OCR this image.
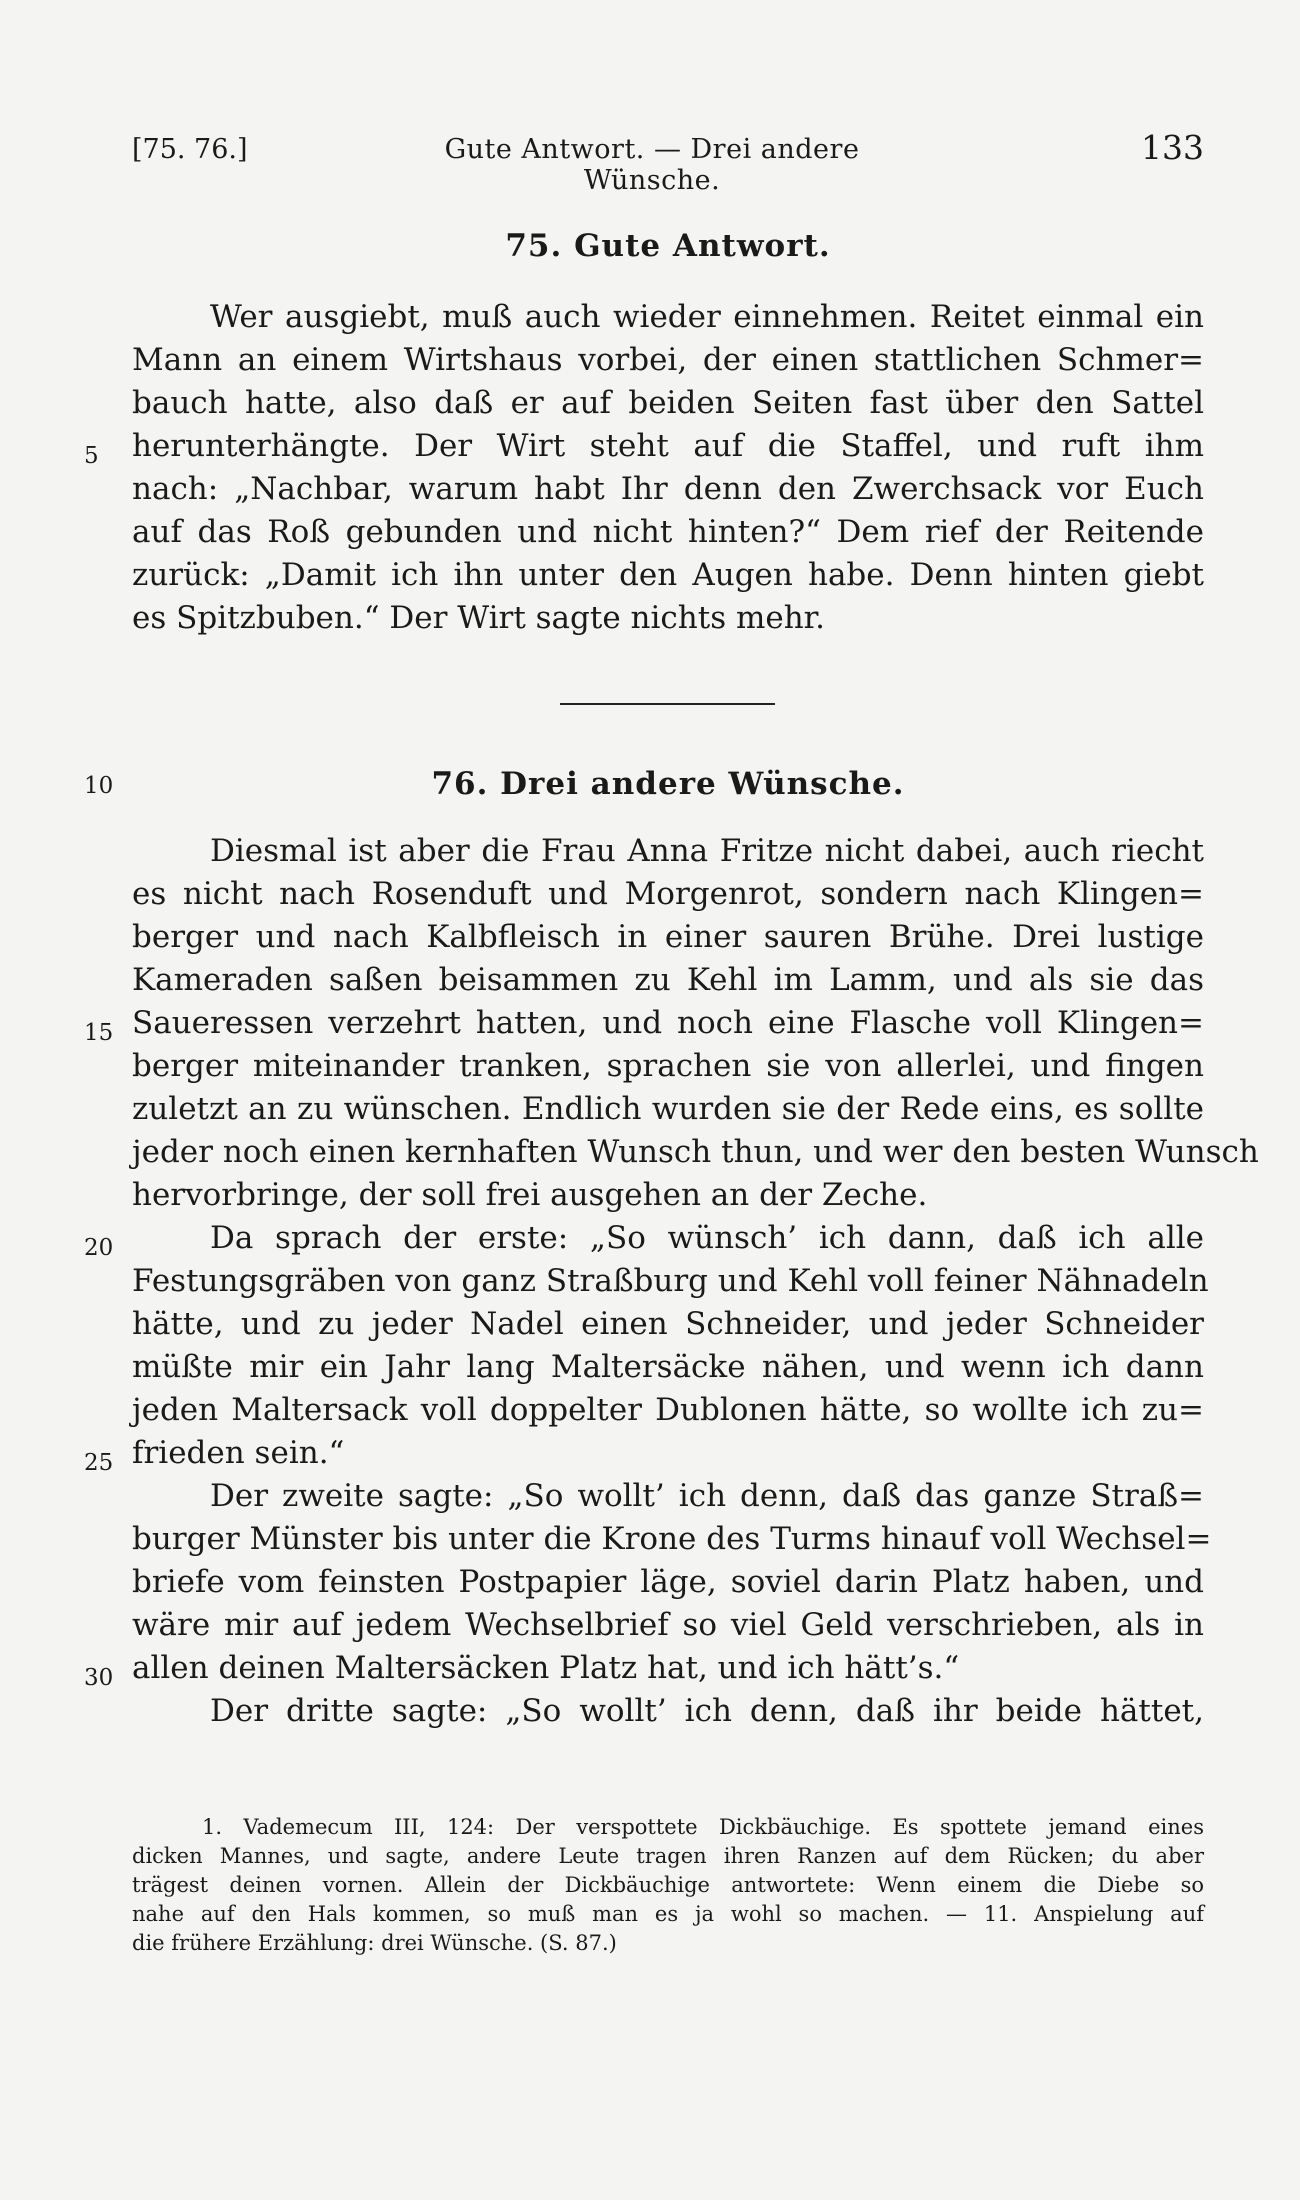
[75. 76.]	Gute Antwort. — Drei andere Wünsche.
133
75. Gute Antwort.
Wer ausgiebt, muß auch wieder einnehmen. Reitet einmal ein
Mann an einem Wirtshaus vorbei, der einen stattlichen Schmer=
bauch hatte, also daß er auf beiden Seiten fast über den Sattel
herunterhängte. Der Wirt steht auf die Staffel, und ruft ihm
nach: „Nachbar, warum habt Ihr denn den Zwerchsack vor Euch
auf das Roß gebunden und nicht hinten?“ Dem rief der Reitende
zurück: „Damit ich ihn unter den Augen habe. Denn hinten giebt
es Spitzbuben.“ Der Wirt sagte nichts mehr.
76. Drei andere Wünsche.
Diesmal ist aber die Frau Anna Fritze nicht dabei, auch riecht
es nicht nach Rosenduft und Morgenrot, sondern nach Klingen=
berger und nach Kalbfleisch in einer sauren Brühe. Drei lustige
Kameraden saßen beisammen zu Kehl im Lamm, und als sie das
Saueressen verzehrt hatten, und noch eine Flasche voll Klingen=
berger miteinander tranken, sprachen sie von allerlei, und fingen
zuletzt an zu wünschen. Endlich wurden sie der Rede eins, es sollte
jeder noch einen kernhaften Wunsch thun, und wer den besten Wunsch
hervorbringe, der soll frei ausgehen an der Zeche.
Da sprach der erste: „So wünsch’ ich dann, daß ich alle
Festungsgräben von ganz Straßburg und Kehl voll feiner Nähnadeln
hätte, und zu jeder Nadel einen Schneider, und jeder Schneider
müßte mir ein Jahr lang Maltersäcke nähen, und wenn ich dann
jeden Maltersack voll doppelter Dublonen hätte, so wollte ich zu=
frieden sein.“
Der zweite sagte: „So wollt’ ich denn, daß das ganze Straß=
burger Münster bis unter die Krone des Turms hinauf voll Wechsel=
briefe vom feinsten Postpapier läge, soviel darin Platz haben, und
wäre mir auf jedem Wechselbrief so viel Geld verschrieben, als in
allen deinen Maltersäcken Platz hat, und ich hätt’s.“
Der dritte sagte: „So wollt’ ich denn, daß ihr beide hättet,
5
10
15
20
25
30
1. Vademecum III, 124: Der verspottete Dickbäuchige. Es spottete jemand eines
dicken Mannes, und sagte, andere Leute tragen ihren Ranzen auf dem Rücken; du aber
trägest deinen vornen. Allein der Dickbäuchige antwortete: Wenn einem die Diebe so
nahe auf den Hals kommen, so muß man es ja wohl so machen. — 11. Anspielung auf
die frühere Erzählung: drei Wünsche. (S. 87.)
